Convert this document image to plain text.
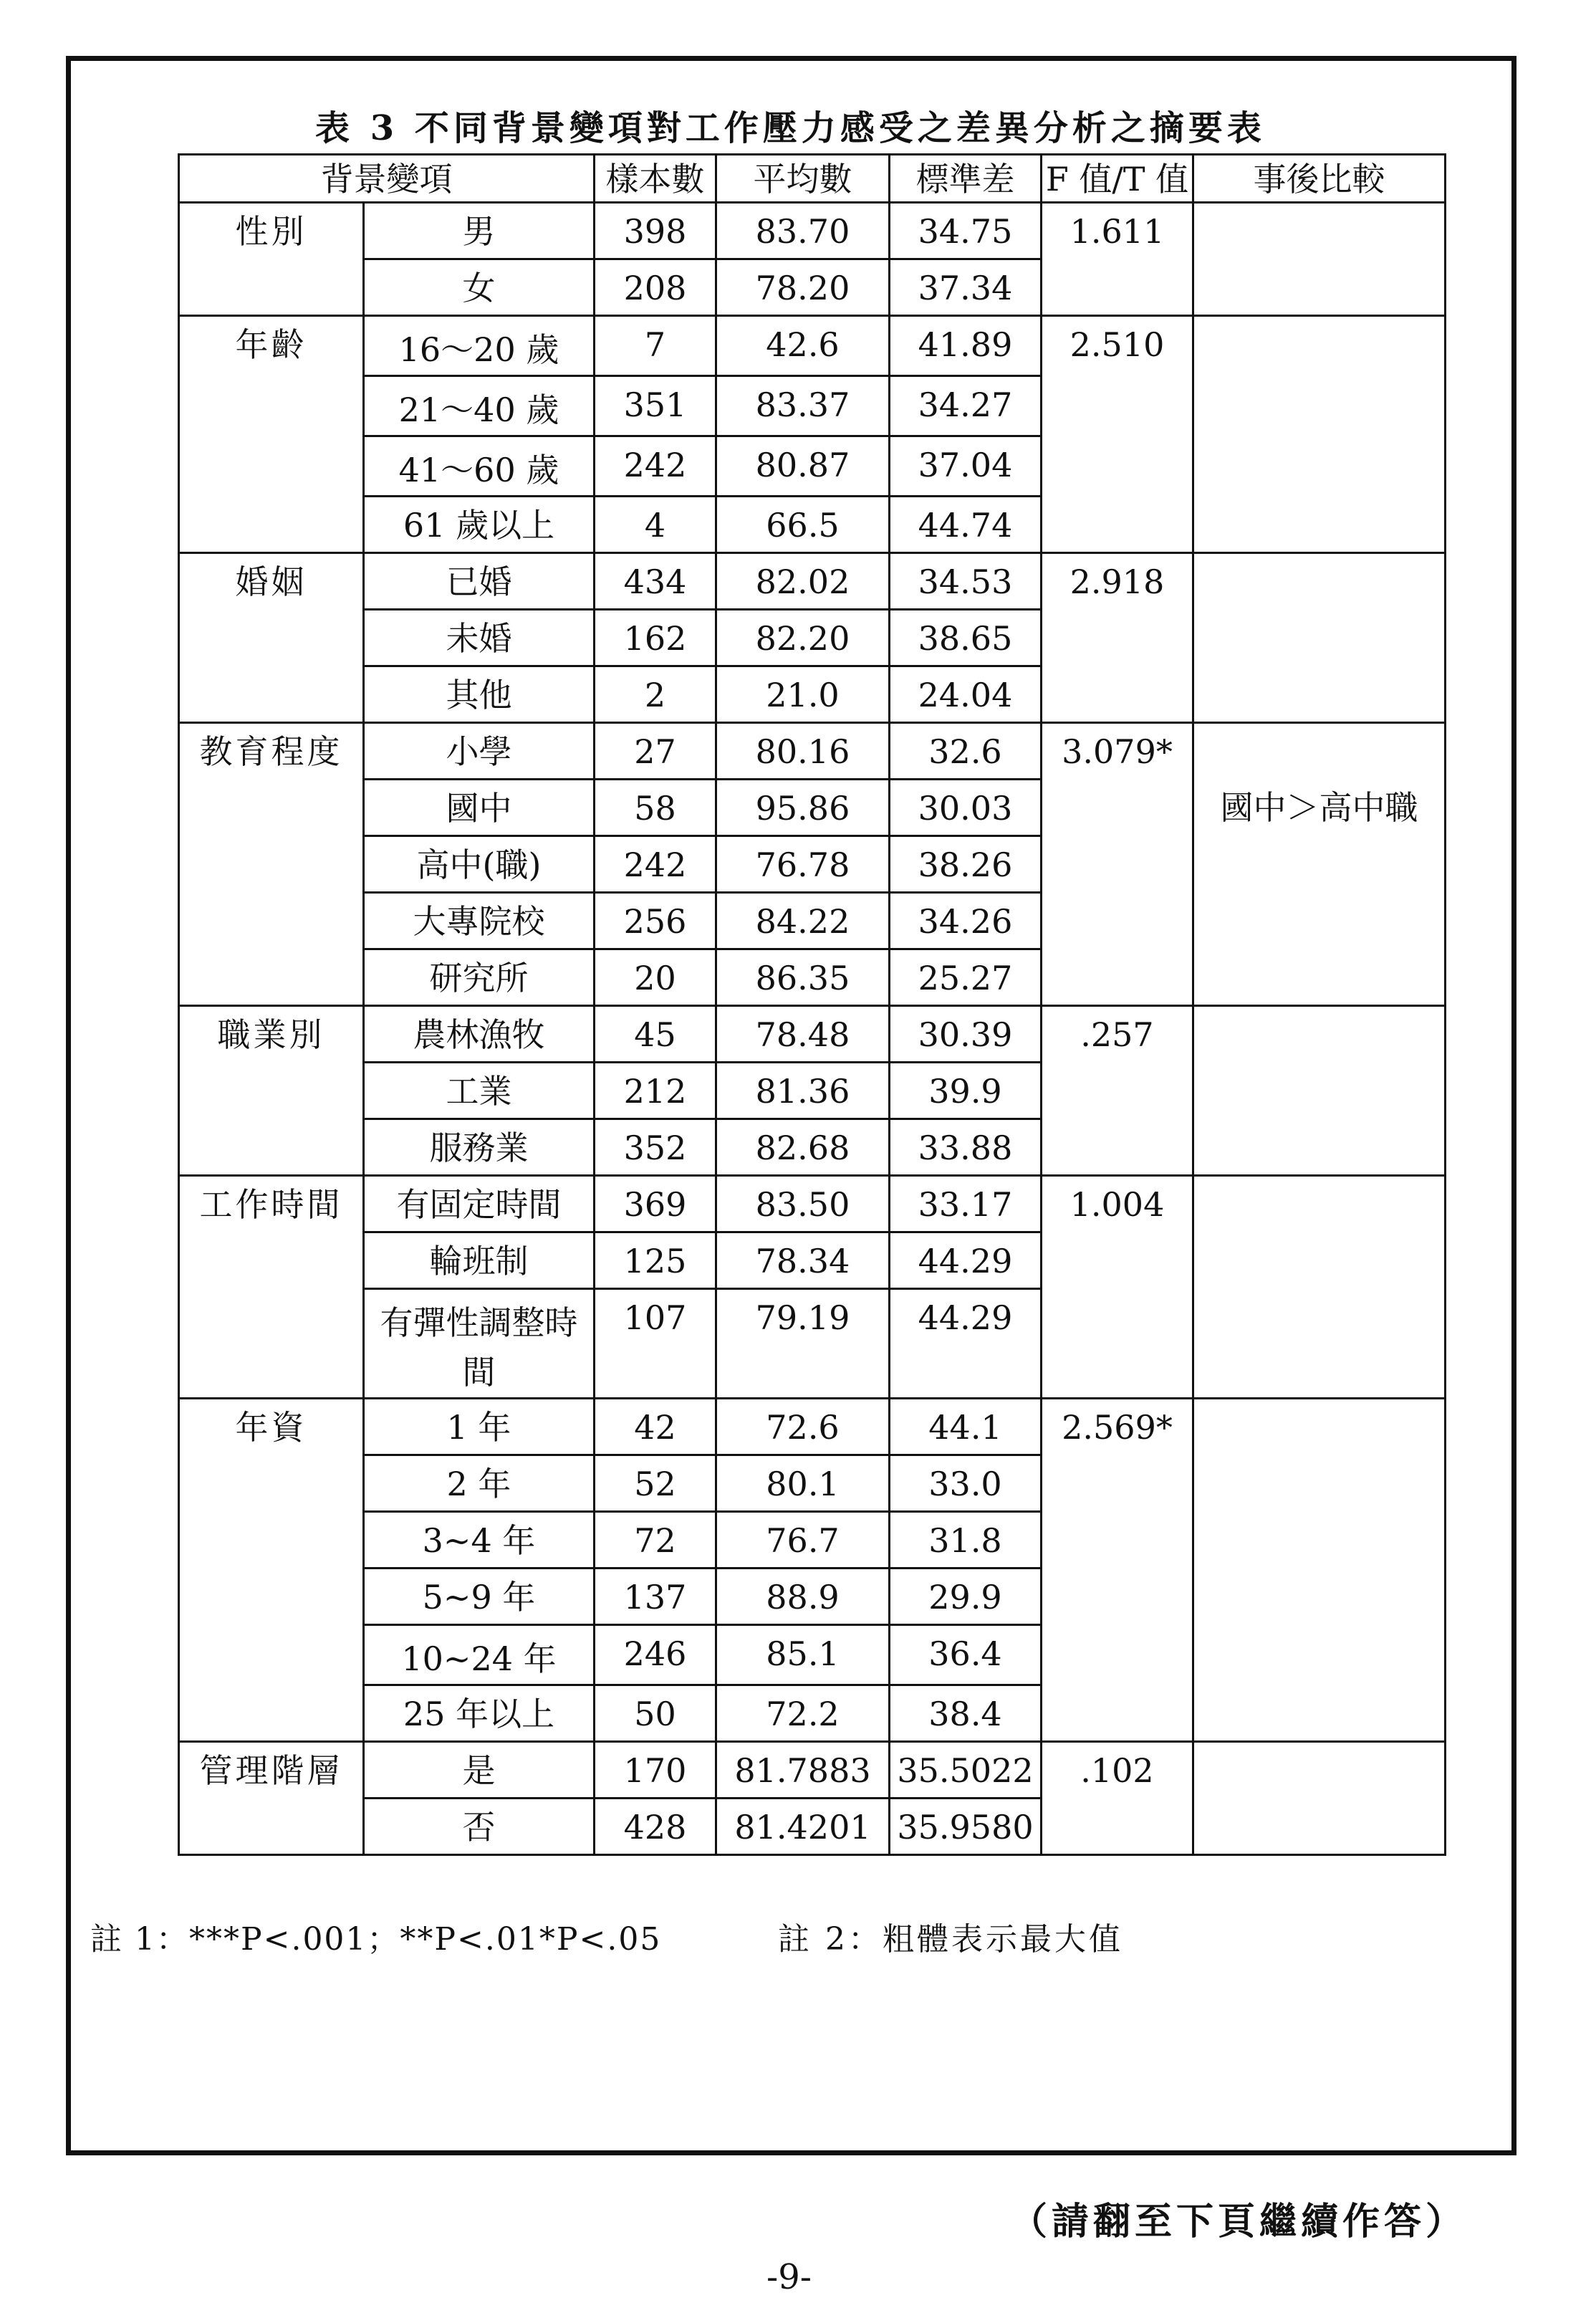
表 3 不同背景變項對工作壓力感受之差異分析之摘要表
背景變項		樣本數	平均數	標準差	F 值/T 值	事後比較
性別	男	398	83.70	34.75	1.611	
	女	208	78.20	37.34		
年齡	16～20 歲	7	42.6	41.89	2.510	
	21～40 歲	351	83.37	34.27		
	41～60 歲	242	80.87	37.04		
	61 歲以上	4	66.5	44.74		
婚姻	已婚	434	82.02	34.53	2.918	
	未婚	162	82.20	38.65		
	其他	2	21.0	24.04		
教育程度	小學	27	80.16	32.6	3.079*	國中＞高中職
	國中	58	95.86	30.03		
	高中(職)	242	76.78	38.26		
	大專院校	256	84.22	34.26		
	研究所	20	86.35	25.27		
職業別	農林漁牧	45	78.48	30.39	.257	
	工業	212	81.36	39.9		
	服務業	352	82.68	33.88		
工作時間	有固定時間	369	83.50	33.17	1.004	
	輪班制	125	78.34	44.29		
	有彈性調整時間	107	79.19	44.29		
年資	1 年	42	72.6	44.1	2.569*	
	2 年	52	80.1	33.0		
	3~4 年	72	76.7	31.8		
	5~9 年	137	88.9	29.9		
	10~24 年	246	85.1	36.4		
	25 年以上	50	72.2	38.4		
管理階層	是	170	81.7883	35.5022	.102	
	否	428	81.4201	35.9580		
註 1：***P<.001；**P<.01*P<.05	註 2：粗體表示最大值
（請翻至下頁繼續作答）
-9-
